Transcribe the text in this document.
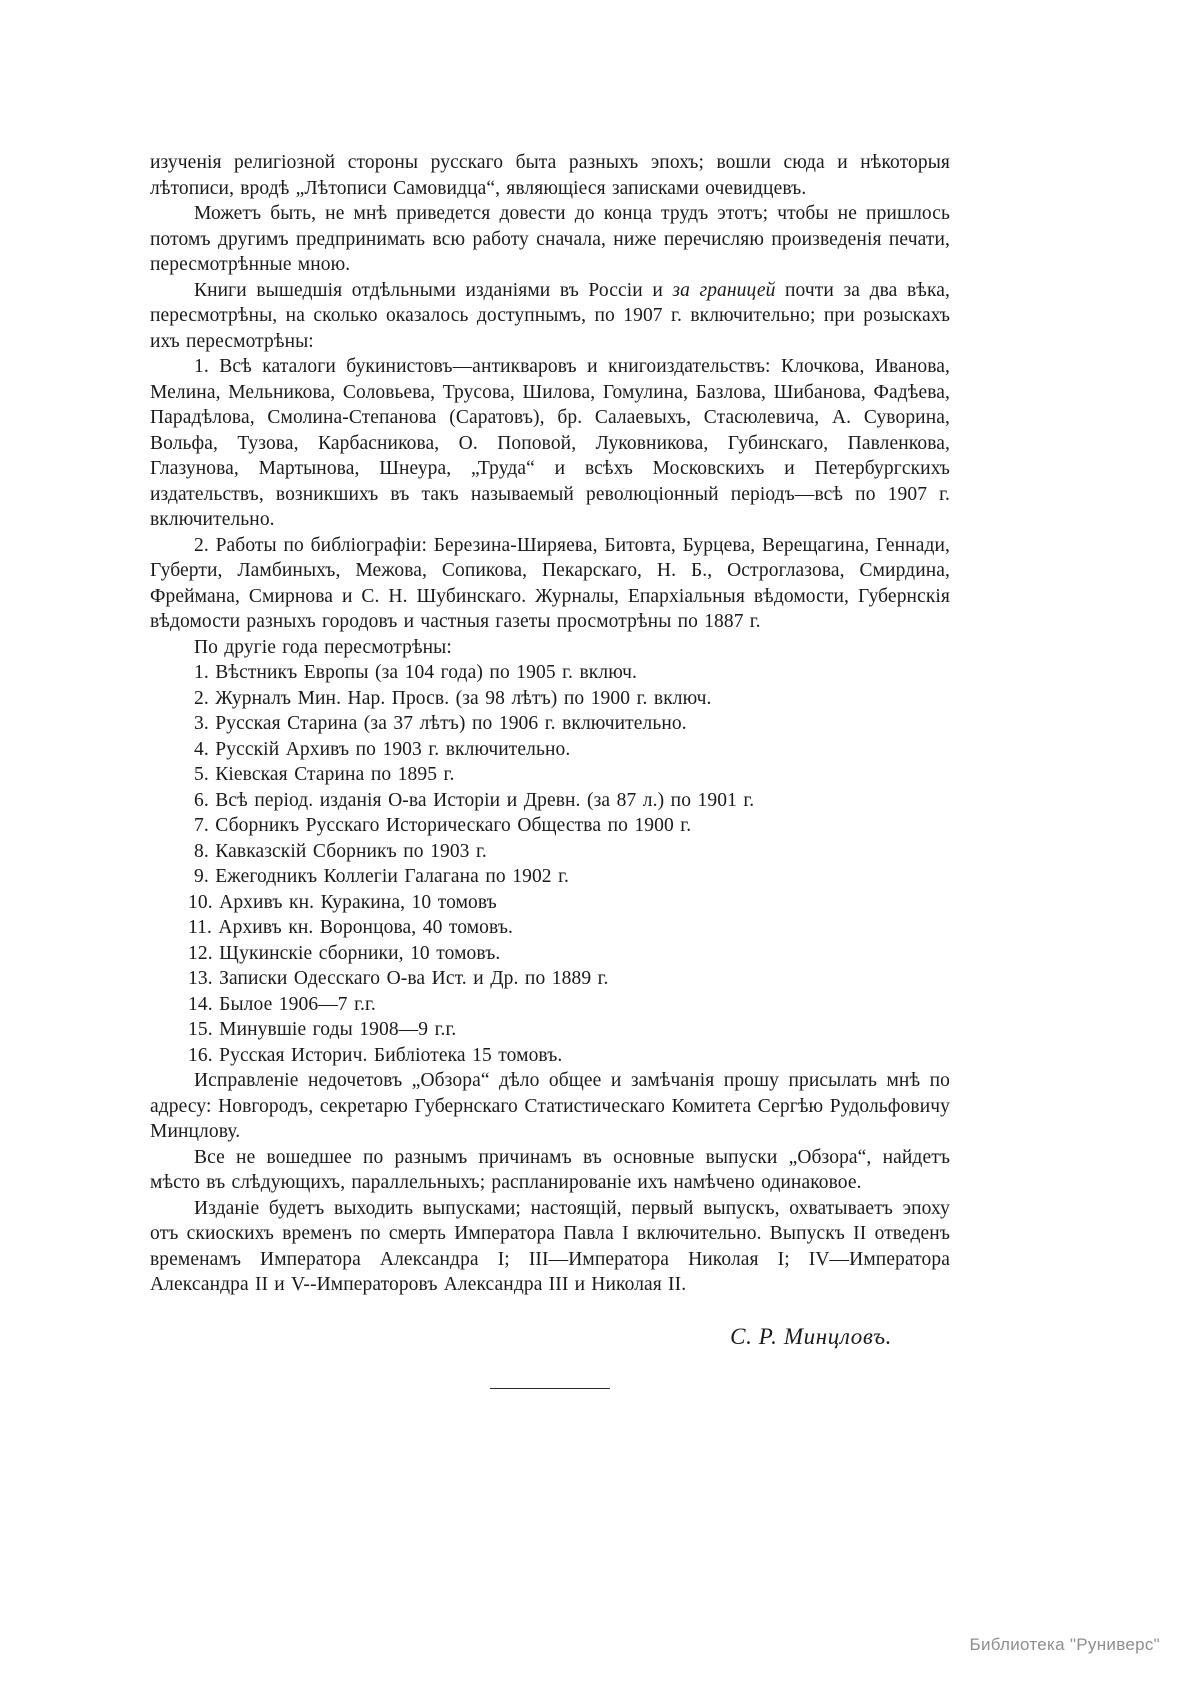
изученія религіозной стороны русскаго быта разныхъ эпохъ; вошли сюда и нѣкоторыя лѣтописи, вродѣ „Лѣтописи Самовидца“, являющіеся записками очевидцевъ.

Можетъ быть, не мнѣ приведется довести до конца трудъ этотъ; чтобы не пришлось потомъ другимъ предпринимать всю работу сначала, ниже перечисляю произведенія печати, пересмотрѣнные мною.

Книги вышедшія отдѣльными изданіями въ Россіи и за границей почти за два вѣка, пересмотрѣны, на сколько оказалось доступнымъ, по 1907 г. включительно; при розыскахъ ихъ пересмотрѣны:

1. Всѣ каталоги букинистовъ—антикваровъ и книгоиздательствъ: Клочкова, Иванова, Мелина, Мельникова, Соловьева, Трусова, Шилова, Гомулина, Базлова, Шибанова, Фадѣева, Парадѣлова, Смолина-Степанова (Саратовъ), бр. Салаевыхъ, Стасюлевича, А. Суворина, Вольфа, Тузова, Карбасникова, О. Поповой, Луковникова, Губинскаго, Павленкова, Глазунова, Мартынова, Шнеура, „Труда“ и всѣхъ Московскихъ и Петербургскихъ издательствъ, возникшихъ въ такъ называемый революціонный періодъ—всѣ по 1907 г. включительно.

2. Работы по библіографіи: Березина-Ширяева, Битовта, Бурцева, Верещагина, Геннади, Губерти, Ламбиныхъ, Межова, Сопикова, Пекарскаго, Н. Б., Остроглазова, Смирдина, Фреймана, Смирнова и С. Н. Шубинскаго. Журналы, Епархіальныя вѣдомости, Губернскія вѣдомости разныхъ городовъ и частныя газеты просмотрѣны по 1887 г.

По другіе года пересмотрѣны:

1. Вѣстникъ Европы (за 104 года) по 1905 г. включ.

2. Журналъ Мин. Нар. Просв. (за 98 лѣтъ) по 1900 г. включ.

3. Русская Старина (за 37 лѣтъ) по 1906 г. включительно.

4. Русскій Архивъ по 1903 г. включительно.

5. Кіевская Старина по 1895 г.

6. Всѣ період. изданія О-ва Исторіи и Древн. (за 87 л.) по 1901 г.

7. Сборникъ Русскаго Историческаго Общества по 1900 г.

8. Кавказскій Сборникъ по 1903 г.

9. Ежегодникъ Коллегіи Галагана по 1902 г.

10. Архивъ кн. Куракина, 10 томовъ

11. Архивъ кн. Воронцова, 40 томовъ.

12. Щукинскіе сборники, 10 томовъ.

13. Записки Одесскаго О-ва Ист. и Др. по 1889 г.

14. Былое 1906—7 г.г.

15. Минувшіе годы 1908—9 г.г.

16. Русская Историч. Библіотека 15 томовъ.

Исправленіе недочетовъ „Обзора“ дѣло общее и замѣчанія прошу присылать мнѣ по адресу: Новгородъ, секретарю Губернскаго Статистическаго Комитета Сергѣю Рудольфовичу Минцлову.

Все не вошедшее по разнымъ причинамъ въ основные выпуски „Обзора“, найдетъ мѣсто въ слѣдующихъ, параллельныхъ; распланированіе ихъ намѣчено одинаковое.

Изданіе будетъ выходить выпусками; настоящій, первый выпускъ, охватываетъ эпоху отъ скиоскихъ временъ по смерть Императора Павла I включительно. Выпускъ II отведенъ временамъ Императора Александра I; III—Императора Николая I; IV—Императора Александра II и V--Императоровъ Александра III и Николая II.

С. Р. Минцловъ.
Библиотека "Руниверс"
